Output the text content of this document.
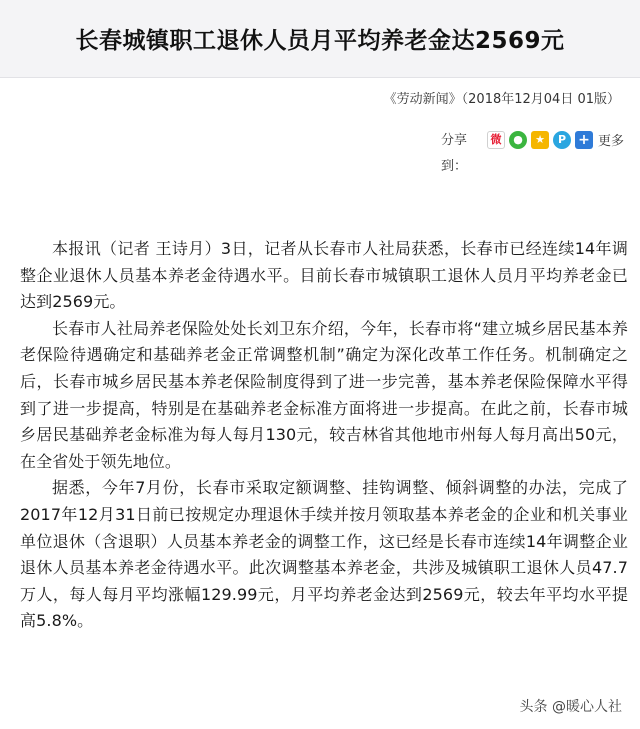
长春城镇职工退休人员月平均养老金达2569元
《劳动新闻》（2018年12月04日 01版）
分享到：
微	●	★	P + 更多

本报讯（记者 王诗月）3日，记者从长春市人社局获悉，长春市已经连续14年调整企业退休人员基本养老金待遇水平。目前长春市城镇职工退休人员月平均养老金已达到2569元。

长春市人社局养老保险处处长刘卫东介绍，今年，长春市将“建立城乡居民基本养老保险待遇确定和基础养老金正常调整机制”确定为深化改革工作任务。机制确定之后，长春市城乡居民基本养老保险制度得到了进一步完善，基本养老保险保障水平得到了进一步提高，特别是在基础养老金标准方面将进一步提高。在此之前，长春市城乡居民基础养老金标准为每人每月130元，较吉林省其他地市州每人每月高出50元，在全省处于领先地位。

据悉，今年7月份，长春市采取定额调整、挂钩调整、倾斜调整的办法，完成了2017年12月31日前已按规定办理退休手续并按月领取基本养老金的企业和机关事业单位退休（含退职）人员基本养老金的调整工作，这已经是长春市连续14年调整企业退休人员基本养老金待遇水平。此次调整基本养老金，共涉及城镇职工退休人员47.7万人，每人每月平均涨幅129.99元，月平均养老金达到2569元，较去年平均水平提高5.8%。

头条 @暖心人社
